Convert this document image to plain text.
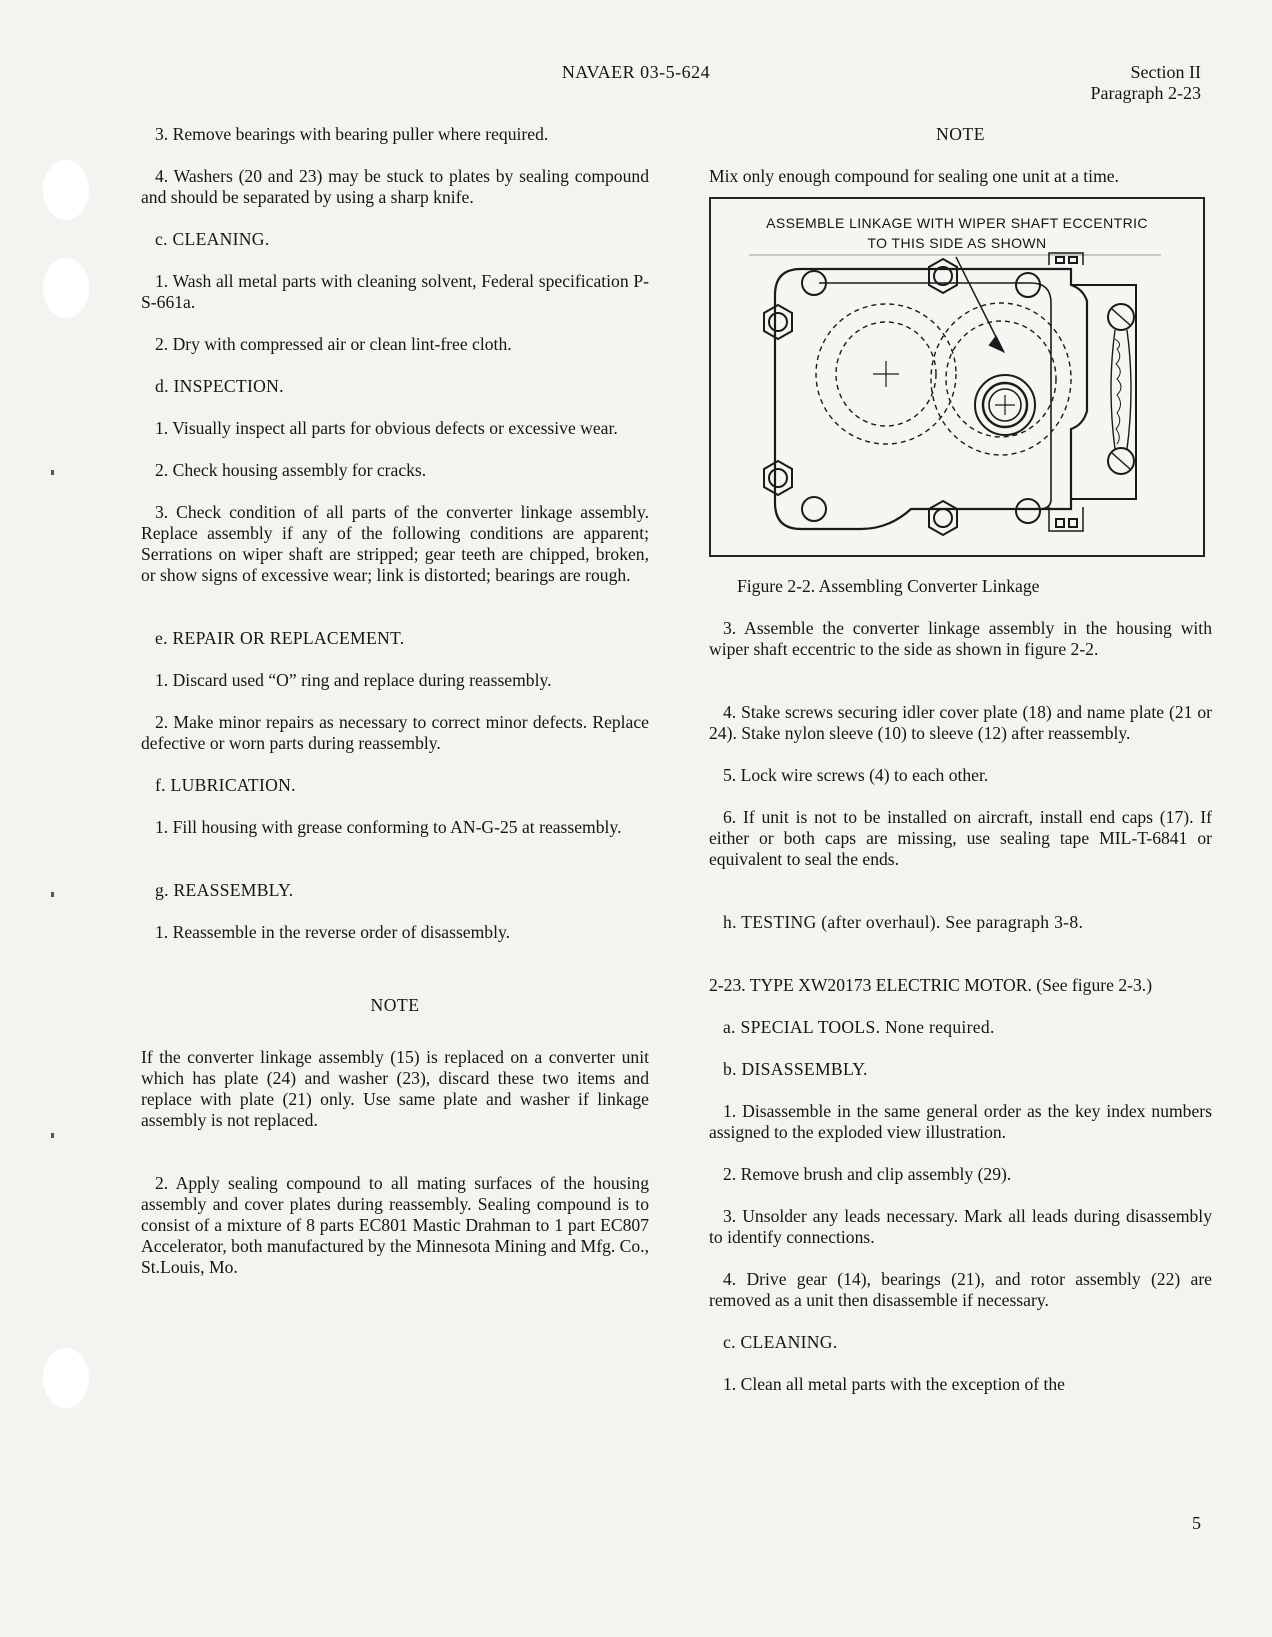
NAVAER 03-5-624	Section II
Paragraph 2-23

3. Remove bearings with bearing puller where required.

4. Washers (20 and 23) may be stuck to plates by sealing compound and should be separated by using a sharp knife.

c. CLEANING.

1. Wash all metal parts with cleaning solvent, Federal specification P-S-661a.

2. Dry with compressed air or clean lint-free cloth.

d. INSPECTION.

1. Visually inspect all parts for obvious defects or excessive wear.

2. Check housing assembly for cracks.

3. Check condition of all parts of the converter linkage assembly. Replace assembly if any of the following conditions are apparent; Serrations on wiper shaft are stripped; gear teeth are chipped, broken, or show signs of excessive wear; link is distorted; bearings are rough.

e. REPAIR OR REPLACEMENT.

1. Discard used “O” ring and replace during reassembly.

2. Make minor repairs as necessary to correct minor defects. Replace defective or worn parts during reassembly.

f. LUBRICATION.

1. Fill housing with grease conforming to AN-G-25 at reassembly.

g. REASSEMBLY.

1. Reassemble in the reverse order of disassembly.

NOTE

If the converter linkage assembly (15) is replaced on a converter unit which has plate (24) and washer (23), discard these two items and replace with plate (21) only. Use same plate and washer if linkage assembly is not replaced.

2. Apply sealing compound to all mating surfaces of the housing assembly and cover plates during reassembly. Sealing compound is to consist of a mixture of 8 parts EC801 Mastic Drahman to 1 part EC807 Accelerator, both manufactured by the Minnesota Mining and Mfg. Co., St.Louis, Mo.

NOTE

Mix only enough compound for sealing one unit at a time.

ASSEMBLE LINKAGE WITH WIPER SHAFT ECCENTRIC
TO THIS SIDE AS SHOWN

Figure 2-2. Assembling Converter Linkage

3. Assemble the converter linkage assembly in the housing with wiper shaft eccentric to the side as shown in figure 2-2.

4. Stake screws securing idler cover plate (18) and name plate (21 or 24). Stake nylon sleeve (10) to sleeve (12) after reassembly.

5. Lock wire screws (4) to each other.

6. If unit is not to be installed on aircraft, install end caps (17). If either or both caps are missing, use sealing tape MIL-T-6841 or equivalent to seal the ends.

h. TESTING (after overhaul). See paragraph 3-8.

2-23. TYPE XW20173 ELECTRIC MOTOR. (See figure 2-3.)

a. SPECIAL TOOLS. None required.
b. DISASSEMBLY.

1. Disassemble in the same general order as the key index numbers assigned to the exploded view illustration.

2. Remove brush and clip assembly (29).

3. Unsolder any leads necessary. Mark all leads during disassembly to identify connections.

4. Drive gear (14), bearings (21), and rotor assembly (22) are removed as a unit then disassemble if necessary.

c. CLEANING.

1. Clean all metal parts with the exception of the

5
